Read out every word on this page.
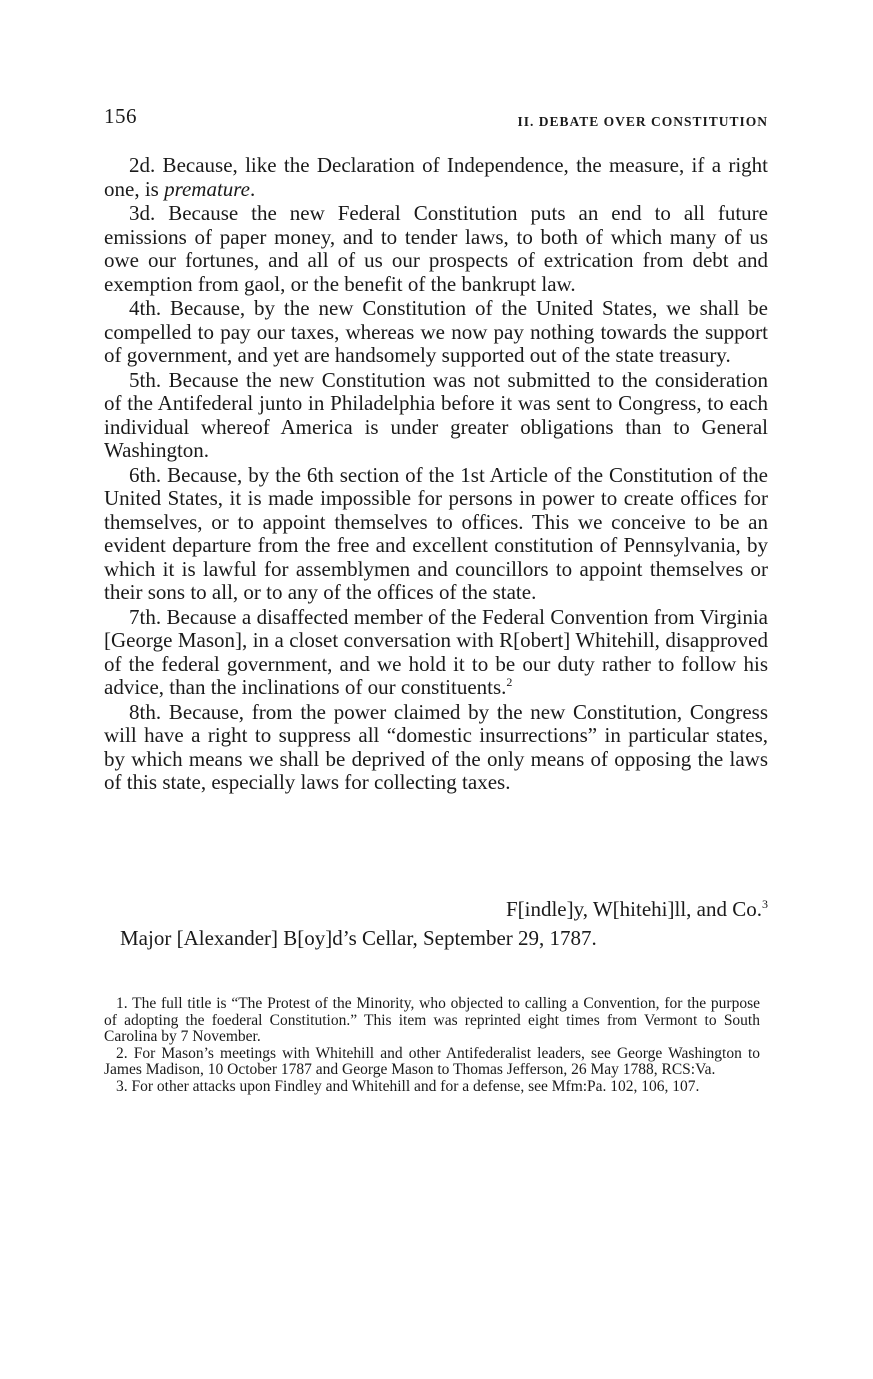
156	II. DEBATE OVER CONSTITUTION

2d. Because, like the Declaration of Independence, the measure, if a right one, is premature.

3d. Because the new Federal Constitution puts an end to all future emissions of paper money, and to tender laws, to both of which many of us owe our fortunes, and all of us our prospects of extrication from debt and exemption from gaol, or the benefit of the bankrupt law.

4th. Because, by the new Constitution of the United States, we shall be compelled to pay our taxes, whereas we now pay nothing towards the support of government, and yet are handsomely supported out of the state treasury.

5th. Because the new Constitution was not submitted to the consideration of the Antifederal junto in Philadelphia before it was sent to Congress, to each individual whereof America is under greater obligations than to General Washington.

6th. Because, by the 6th section of the 1st Article of the Constitution of the United States, it is made impossible for persons in power to create offices for themselves, or to appoint themselves to offices. This we conceive to be an evident departure from the free and excellent constitution of Pennsylvania, by which it is lawful for assemblymen and councillors to appoint themselves or their sons to all, or to any of the offices of the state.

7th. Because a disaffected member of the Federal Convention from Virginia [George Mason], in a closet conversation with R[obert] Whitehill, disapproved of the federal government, and we hold it to be our duty rather to follow his advice, than the inclinations of our constituents.$^2$

8th. Because, from the power claimed by the new Constitution, Congress will have a right to suppress all “domestic insurrections” in particular states, by which means we shall be deprived of the only means of opposing the laws of this state, especially laws for collecting taxes.

F[indle]y, W[hitehi]ll, and Co.$^3$
Major [Alexander] B[oy]d’s Cellar, September 29, 1787.

1. The full title is “The Protest of the Minority, who objected to calling a Convention, for the purpose of adopting the foederal Constitution.” This item was reprinted eight times from Vermont to South Carolina by 7 November.

2. For Mason’s meetings with Whitehill and other Antifederalist leaders, see George Washington to James Madison, 10 October 1787 and George Mason to Thomas Jefferson, 26 May 1788, RCS:Va.

3. For other attacks upon Findley and Whitehill and for a defense, see Mfm:Pa. 102, 106, 107.
